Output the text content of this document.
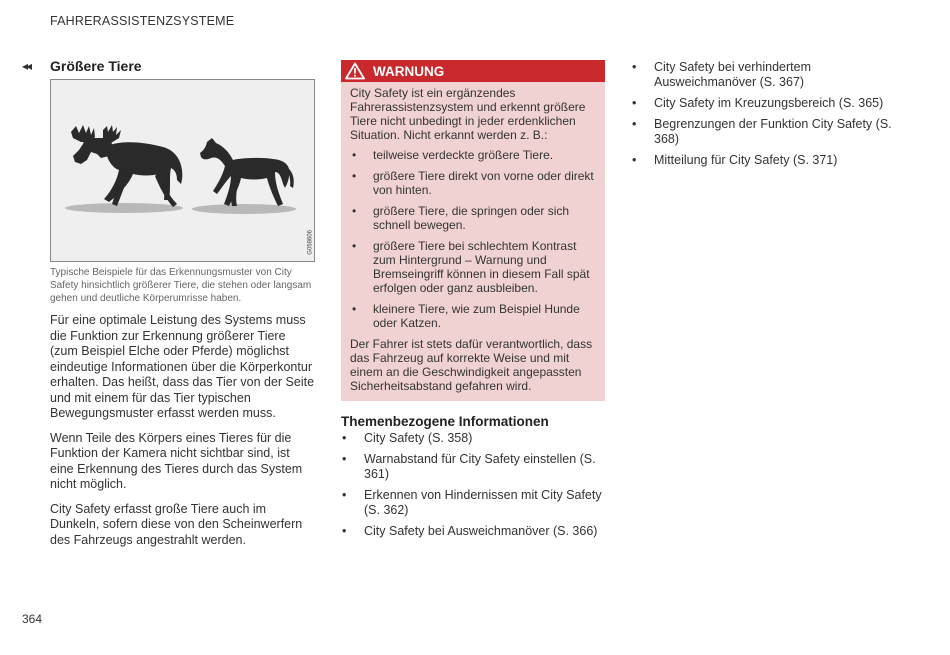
FAHRERASSISTENZSYSTEME
◂◂ Größere Tiere
G058606

Typische Beispiele für das Erkennungsmuster von City Safety hinsichtlich größerer Tiere, die stehen oder langsam gehen und deutliche Körperumrisse haben.

Für eine optimale Leistung des Systems muss die Funktion zur Erkennung größerer Tiere (zum Beispiel Elche oder Pferde) möglichst eindeutige Informationen über die Körperkontur erhalten. Das heißt, dass das Tier von der Seite und mit einem für das Tier typischen Bewegungsmuster erfasst werden muss.

Wenn Teile des Körpers eines Tieres für die Funktion der Kamera nicht sichtbar sind, ist eine Erkennung des Tieres durch das System nicht möglich.

City Safety erfasst große Tiere auch im Dunkeln, sofern diese von den Scheinwerfern des Fahrzeugs angestrahlt werden.

WARNUNG

City Safety ist ein ergänzendes Fahrerassistenzsystem und erkennt größere Tiere nicht unbedingt in jeder erdenklichen Situation. Nicht erkannt werden z. B.:

• teilweise verdeckte größere Tiere.
• größere Tiere direkt von vorne oder direkt von hinten.
• größere Tiere, die springen oder sich schnell bewegen.
• größere Tiere bei schlechtem Kontrast zum Hintergrund – Warnung und Bremseingriff können in diesem Fall spät erfolgen oder ganz ausbleiben.
• kleinere Tiere, wie zum Beispiel Hunde oder Katzen.

Der Fahrer ist stets dafür verantwortlich, dass das Fahrzeug auf korrekte Weise und mit einem an die Geschwindigkeit angepassten Sicherheitsabstand gefahren wird.

Themenbezogene Informationen
• City Safety (S. 358)
• Warnabstand für City Safety einstellen (S. 361)
• Erkennen von Hindernissen mit City Safety (S. 362)
• City Safety bei Ausweichmanöver (S. 366)
• City Safety bei verhindertem Ausweichmanöver (S. 367)
• City Safety im Kreuzungsbereich (S. 365)
• Begrenzungen der Funktion City Safety (S. 368)
• Mitteilung für City Safety (S. 371)
364
